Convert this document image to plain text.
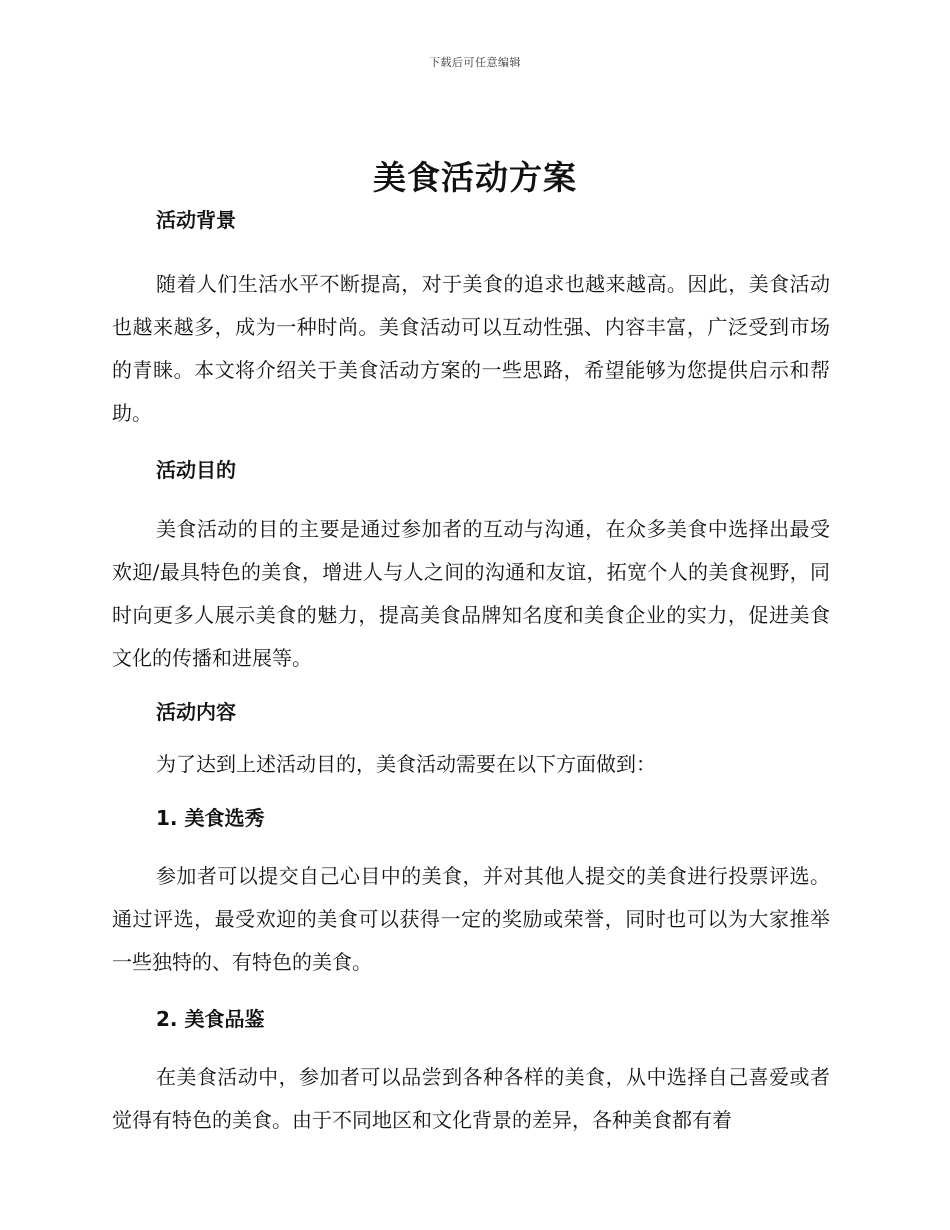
下载后可任意编辑
美食活动方案

活动背景

随着人们生活水平不断提高，对于美食的追求也越来越高。因此，美食活动也越来越多，成为一种时尚。美食活动可以互动性强、内容丰富，广泛受到市场的青睐。本文将介绍关于美食活动方案的一些思路，希望能够为您提供启示和帮助。

活动目的

美食活动的目的主要是通过参加者的互动与沟通，在众多美食中选择出最受欢迎/最具特色的美食，增进人与人之间的沟通和友谊，拓宽个人的美食视野，同时向更多人展示美食的魅力，提高美食品牌知名度和美食企业的实力，促进美食文化的传播和进展等。

活动内容

为了达到上述活动目的，美食活动需要在以下方面做到：

1. 美食选秀

参加者可以提交自己心目中的美食，并对其他人提交的美食进行投票评选。通过评选，最受欢迎的美食可以获得一定的奖励或荣誉，同时也可以为大家推举一些独特的、有特色的美食。

2. 美食品鉴

在美食活动中，参加者可以品尝到各种各样的美食，从中选择自己喜爱或者觉得有特色的美食。由于不同地区和文化背景的差异，各种美食都有着
